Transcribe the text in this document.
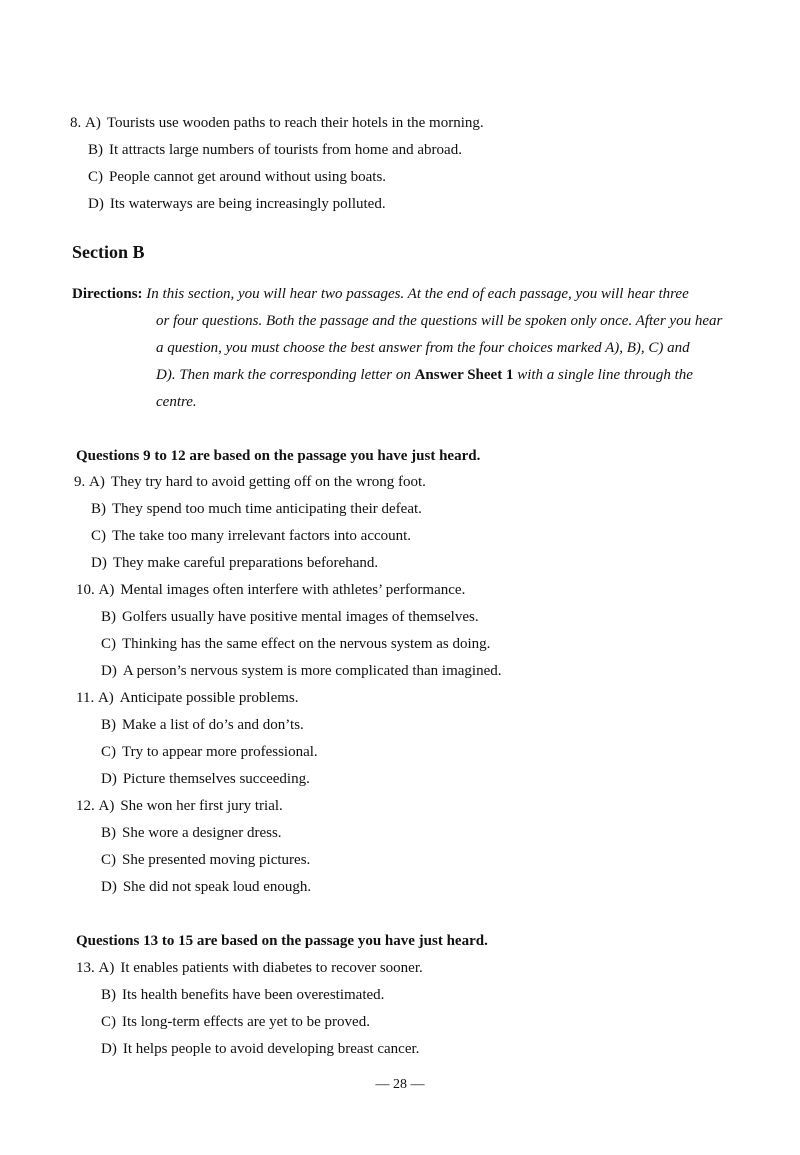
8. A) Tourists use wooden paths to reach their hotels in the morning.
B) It attracts large numbers of tourists from home and abroad.
C) People cannot get around without using boats.
D) Its waterways are being increasingly polluted.
Section B
Directions: In this section, you will hear two passages. At the end of each passage, you will hear three
or four questions. Both the passage and the questions will be spoken only once. After you hear
a question, you must choose the best answer from the four choices marked A), B), C) and
D). Then mark the corresponding letter on Answer Sheet 1 with a single line through the
centre.
Questions 9 to 12 are based on the passage you have just heard.
9. A) They try hard to avoid getting off on the wrong foot.
B) They spend too much time anticipating their defeat.
C) The take too many irrelevant factors into account.
D) They make careful preparations beforehand.
10. A) Mental images often interfere with athletes’ performance.
B) Golfers usually have positive mental images of themselves.
C) Thinking has the same effect on the nervous system as doing.
D) A person’s nervous system is more complicated than imagined.
11. A) Anticipate possible problems.
B) Make a list of do’s and don’ts.
C) Try to appear more professional.
D) Picture themselves succeeding.
12. A) She won her first jury trial.
B) She wore a designer dress.
C) She presented moving pictures.
D) She did not speak loud enough.
Questions 13 to 15 are based on the passage you have just heard.
13. A) It enables patients with diabetes to recover sooner.
B) Its health benefits have been overestimated.
C) Its long-term effects are yet to be proved.
D) It helps people to avoid developing breast cancer.
— 28 —
